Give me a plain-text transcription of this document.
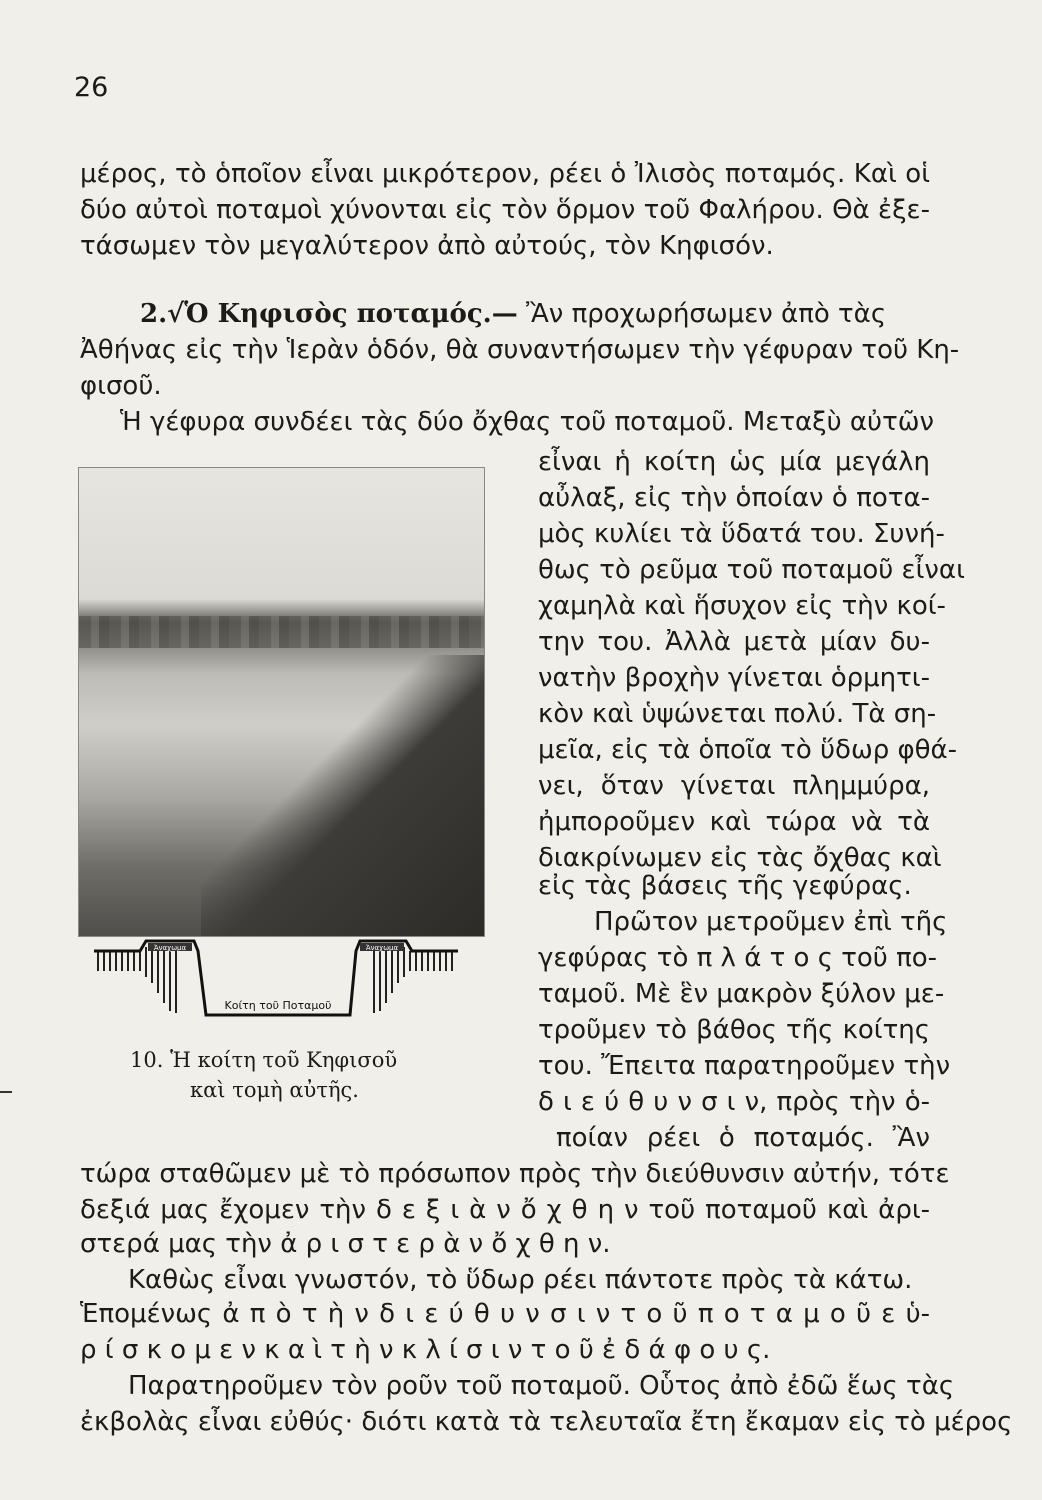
26
μέρος, τὸ ὁποῖον εἶναι μικρότερον, ρέει ὁ Ἰλισὸς ποταμός. Καὶ οἱ
δύο αὐτοὶ ποταμοὶ χύνονται εἰς τὸν ὅρμον τοῦ Φαλήρου. Θὰ ἐξε-
τάσωμεν τὸν μεγαλύτερον ἀπὸ αὐτούς, τὸν Κηφισόν.
2.√Ὁ Κηφισὸς ποταμός.— Ἂν προχωρήσωμεν ἀπὸ τὰς
Ἀθήνας εἰς τὴν Ἱερὰν ὁδόν, θὰ συναντήσωμεν τὴν γέφυραν τοῦ Κη-
φισοῦ.
Ἡ γέφυρα συνδέει τὰς δύο ὄχθας τοῦ ποταμοῦ. Μεταξὺ αὐτῶν
εἶναι ἡ κοίτη ὡς μία μεγάλη
αὖλαξ, εἰς τὴν ὁποίαν ὁ ποτα-
μὸς κυλίει τὰ ὕδατά του. Συνή-
θως τὸ ρεῦμα τοῦ ποταμοῦ εἶναι
χαμηλὰ καὶ ἥσυχον εἰς τὴν κοί-
την του. Ἀλλὰ μετὰ μίαν δυ-
νατὴν βροχὴν γίνεται ὁρμητι-
κὸν καὶ ὑψώνεται πολύ. Τὰ ση-
μεῖα, εἰς τὰ ὁποῖα τὸ ὕδωρ φθά-
νει, ὅταν γίνεται πλημμύρα,
ἠμποροῦμεν καὶ τώρα νὰ τὰ
διακρίνωμεν εἰς τὰς ὄχθας καὶ
εἰς τὰς βάσεις τῆς γεφύρας.
Πρῶτον μετροῦμεν ἐπὶ τῆς
γεφύρας τὸ π λ ά τ ο ς τοῦ πο-
ταμοῦ. Μὲ ἓν μακρὸν ξύλον με-
τροῦμεν τὸ βάθος τῆς κοίτης
του. Ἔπειτα παρατηροῦμεν τὴν
δ ι ε ύ θ υ ν σ ι ν, πρὸς τὴν ὁ-
ποίαν ρέει ὁ ποταμός. Ἂν
τώρα σταθῶμεν μὲ τὸ πρόσωπον πρὸς τὴν διεύθυνσιν αὐτήν, τότε
δεξιά μας ἔχομεν τὴν δ ε ξ ι ὰ ν ὄ χ θ η ν τοῦ ποταμοῦ καὶ ἀρι-
στερά μας τὴν ἀ ρ ι σ τ ε ρ ὰ ν ὄ χ θ η ν.
Καθὼς εἶναι γνωστόν, τὸ ὕδωρ ρέει πάντοτε πρὸς τὰ κάτω.
Ἑπομένως ἀ π ὸ τ ὴ ν δ ι ε ύ θ υ ν σ ι ν τ ο ῦ π ο τ α μ ο ῦ ε ὑ-
ρ ί σ κ ο μ ε ν κ α ὶ τ ὴ ν κ λ ί σ ι ν τ ο ῦ ἐ δ ά φ ο υ ς.
Παρατηροῦμεν τὸν ροῦν τοῦ ποταμοῦ. Οὗτος ἀπὸ ἐδῶ ἕως τὰς
ἐκβολὰς εἶναι εὐθύς· διότι κατὰ τὰ τελευταῖα ἔτη ἔκαμαν εἰς τὸ μέρος
Ἀναχωμα	Ἀναχωμα
Κοίτη τοῦ Ποταμοῦ
10. Ἡ κοίτη τοῦ Κηφισοῦ
καὶ τομὴ αὐτῆς.
